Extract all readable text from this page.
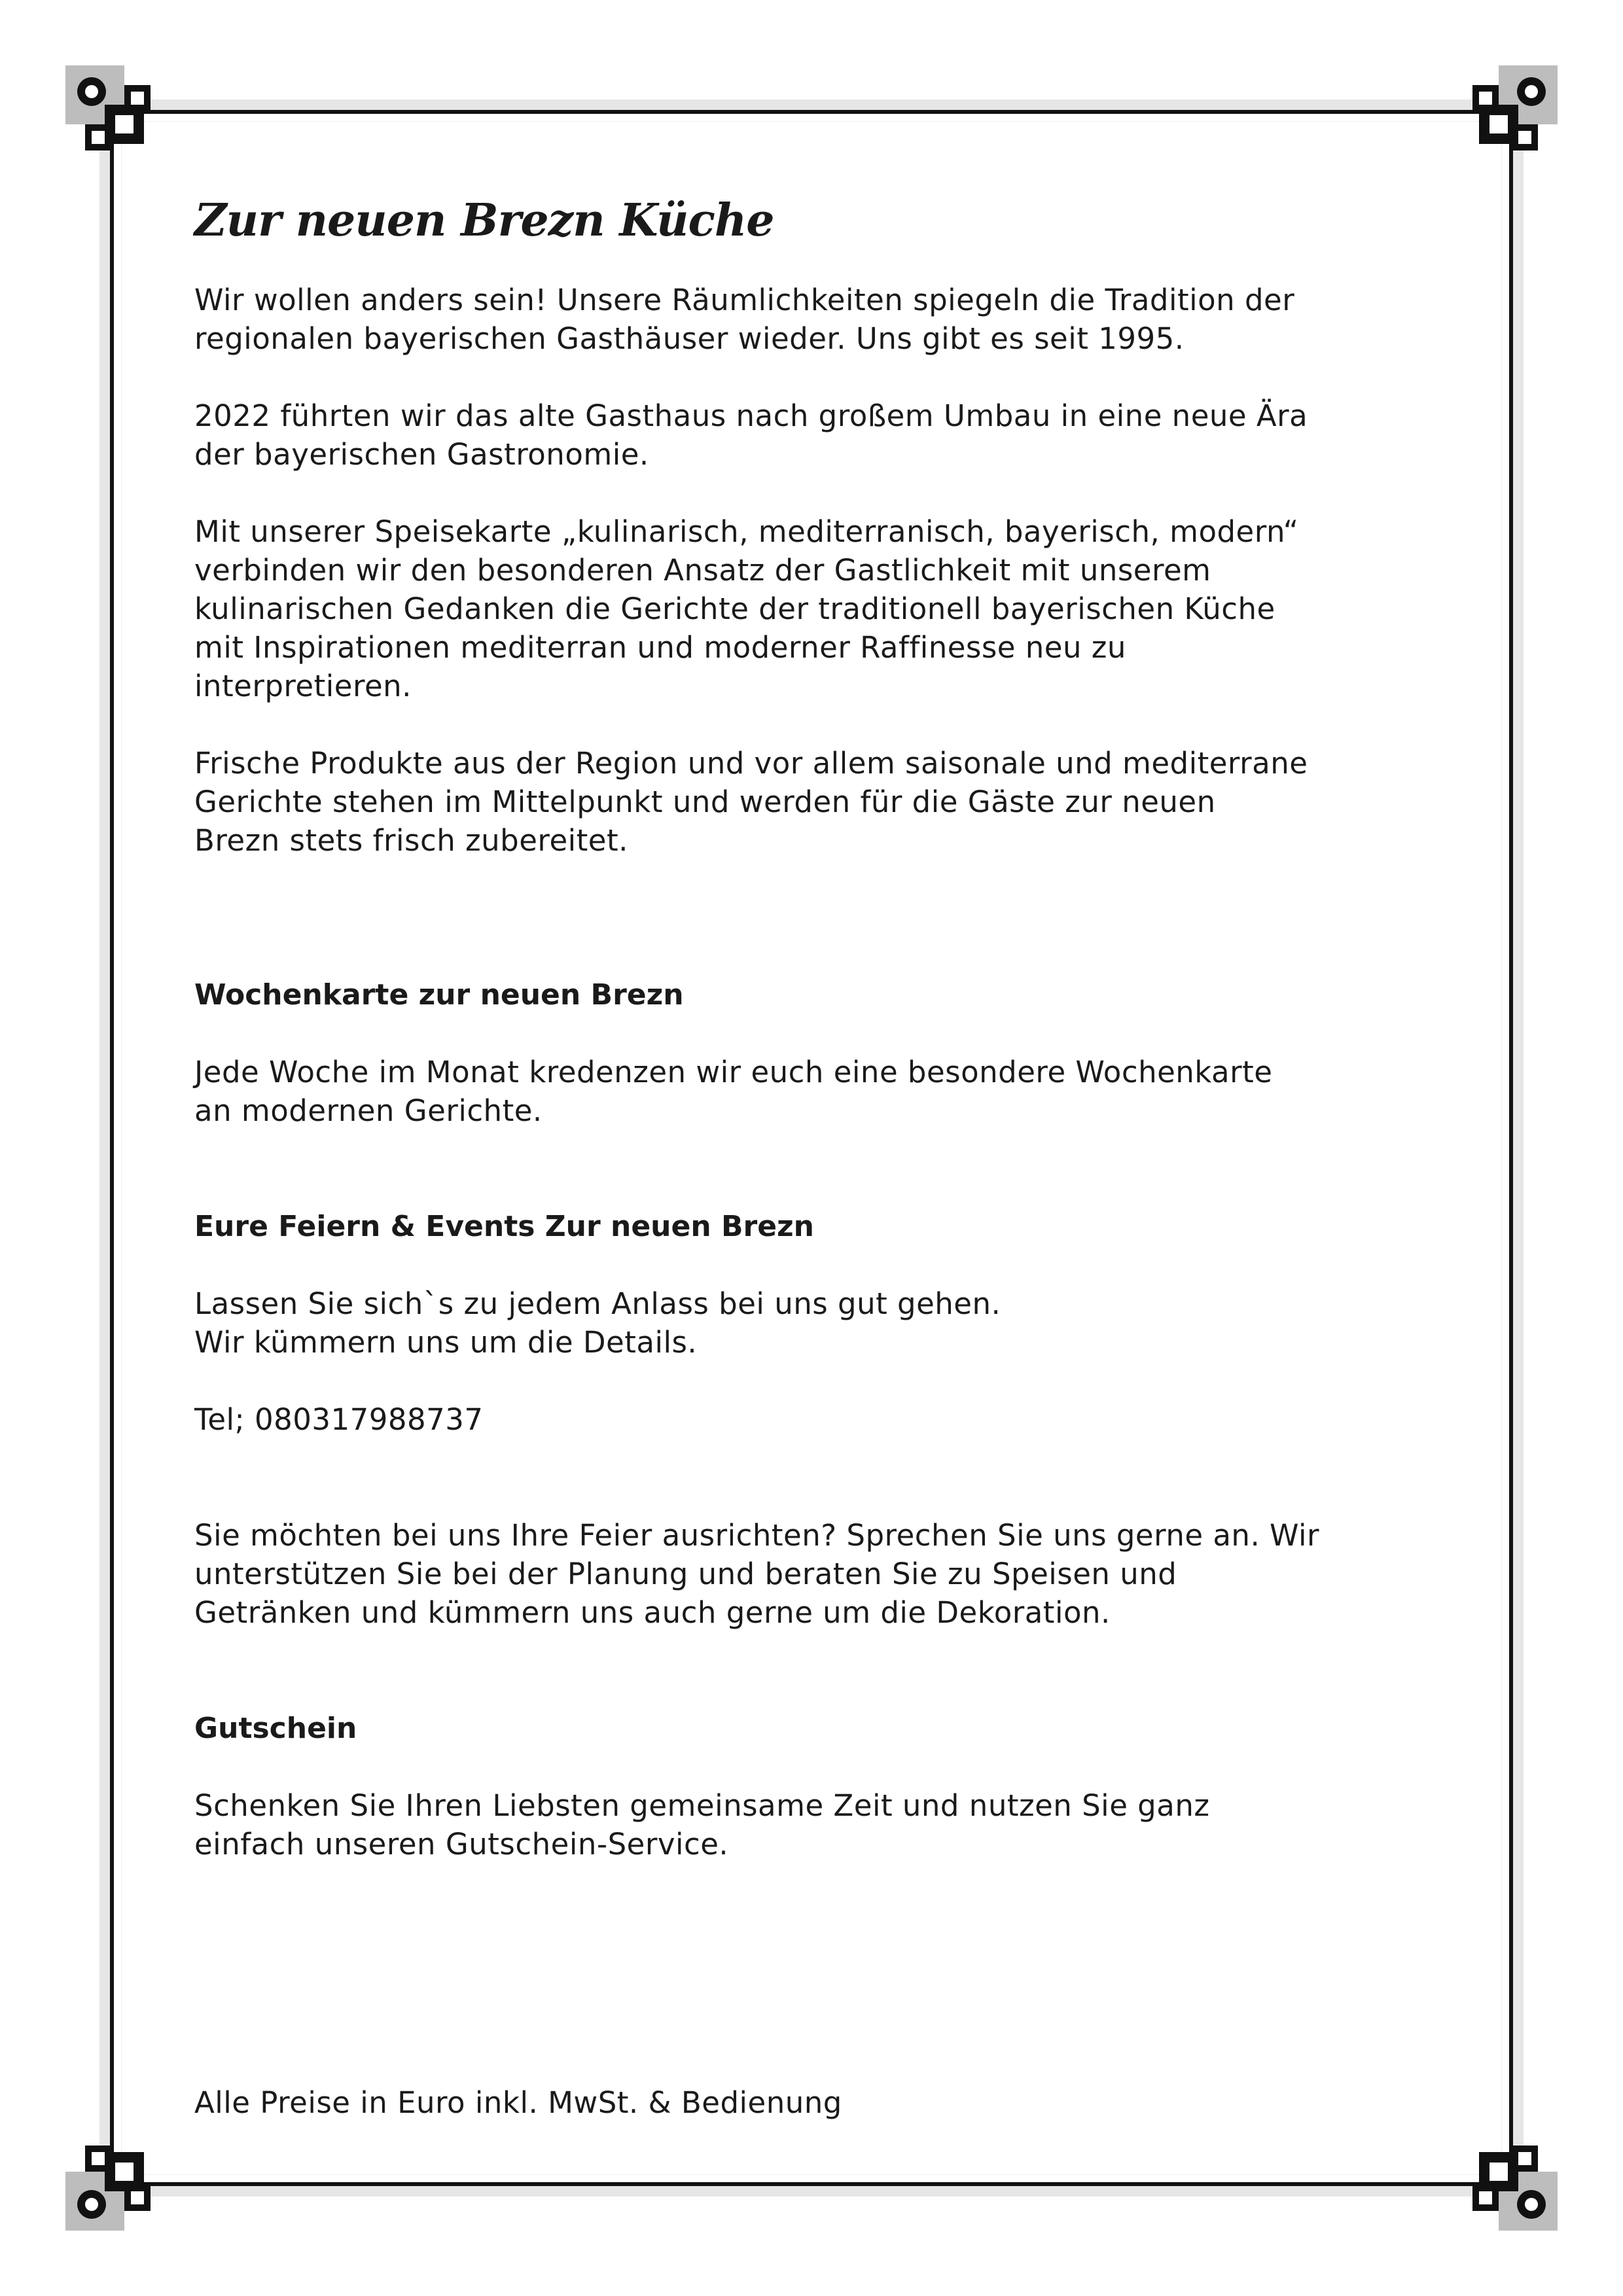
Zur neuen Brezn Küche

Wir wollen anders sein! Unsere Räumlichkeiten spiegeln die Tradition der
regionalen bayerischen Gasthäuser wieder. Uns gibt es seit 1995.

2022 führten wir das alte Gasthaus nach großem Umbau in eine neue Ära
der bayerischen Gastronomie.

Mit unserer Speisekarte „kulinarisch, mediterranisch, bayerisch, modern“
verbinden wir den besonderen Ansatz der Gastlichkeit mit unserem
kulinarischen Gedanken die Gerichte der traditionell bayerischen Küche
mit Inspirationen mediterran und moderner Raffinesse neu zu
interpretieren.

Frische Produkte aus der Region und vor allem saisonale und mediterrane
Gerichte stehen im Mittelpunkt und werden für die Gäste zur neuen
Brezn stets frisch zubereitet.

Wochenkarte zur neuen Brezn

Jede Woche im Monat kredenzen wir euch eine besondere Wochenkarte
an modernen Gerichte.

Eure Feiern & Events Zur neuen Brezn

Lassen Sie sich`s zu jedem Anlass bei uns gut gehen.
Wir kümmern uns um die Details.

Tel; 080317988737

Sie möchten bei uns Ihre Feier ausrichten? Sprechen Sie uns gerne an. Wir
unterstützen Sie bei der Planung und beraten Sie zu Speisen und
Getränken und kümmern uns auch gerne um die Dekoration.

Gutschein

Schenken Sie Ihren Liebsten gemeinsame Zeit und nutzen Sie ganz
einfach unseren Gutschein-Service.

Alle Preise in Euro inkl. MwSt. & Bedienung
